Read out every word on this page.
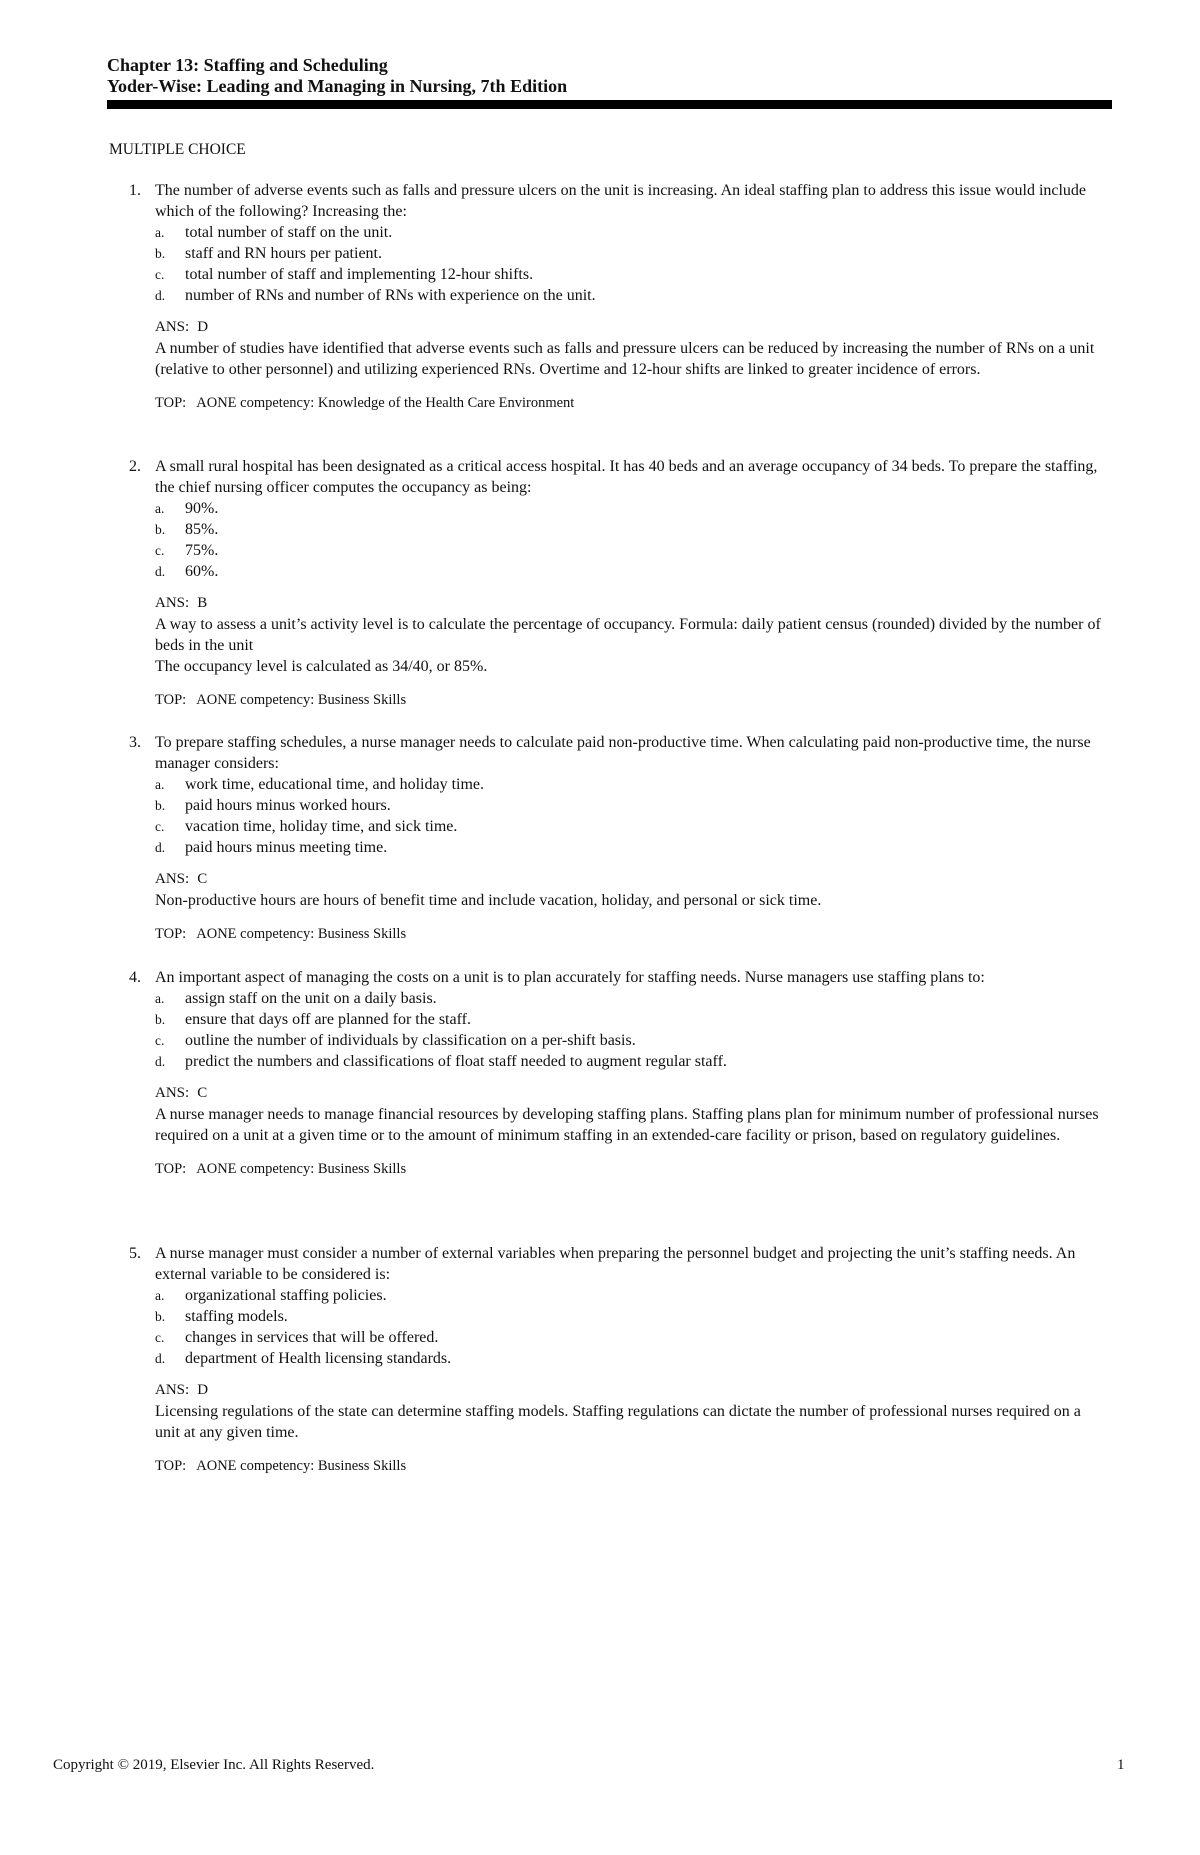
Chapter 13: Staffing and Scheduling
Yoder-Wise: Leading and Managing in Nursing, 7th Edition
MULTIPLE CHOICE
1. The number of adverse events such as falls and pressure ulcers on the unit is increasing. An ideal staffing plan to address this issue would include which of the following? Increasing the:

a. total number of staff on the unit.
b. staff and RN hours per patient.
c. total number of staff and implementing 12-hour shifts.
d. number of RNs and number of RNs with experience on the unit.
ANS: D
A number of studies have identified that adverse events such as falls and pressure ulcers can be reduced by increasing the number of RNs on a unit (relative to other personnel) and utilizing experienced RNs. Overtime and 12-hour shifts are linked to greater incidence of errors.
TOP: AONE competency: Knowledge of the Health Care Environment
2. A small rural hospital has been designated as a critical access hospital. It has 40 beds and an average occupancy of 34 beds. To prepare the staffing, the chief nursing officer computes the occupancy as being:

a. 90%.
b. 85%.
c. 75%.
d. 60%.
ANS: B
A way to assess a unit’s activity level is to calculate the percentage of occupancy. Formula: daily patient census (rounded) divided by the number of beds in the unit
The occupancy level is calculated as 34/40, or 85%.
TOP: AONE competency: Business Skills
3. To prepare staffing schedules, a nurse manager needs to calculate paid non-productive time. When calculating paid non-productive time, the nurse manager considers:

a. work time, educational time, and holiday time.
b. paid hours minus worked hours.
c. vacation time, holiday time, and sick time.
d. paid hours minus meeting time.
ANS: C
Non-productive hours are hours of benefit time and include vacation, holiday, and personal or sick time.
TOP: AONE competency: Business Skills
4. An important aspect of managing the costs on a unit is to plan accurately for staffing needs. Nurse managers use staffing plans to:

a. assign staff on the unit on a daily basis.
b. ensure that days off are planned for the staff.
c. outline the number of individuals by classification on a per-shift basis.
d. predict the numbers and classifications of float staff needed to augment regular staff.
ANS: C
A nurse manager needs to manage financial resources by developing staffing plans. Staffing plans plan for minimum number of professional nurses required on a unit at a given time or to the amount of minimum staffing in an extended-care facility or prison, based on regulatory guidelines.
TOP: AONE competency: Business Skills
5. A nurse manager must consider a number of external variables when preparing the personnel budget and projecting the unit’s staffing needs. An external variable to be considered is:

a. organizational staffing policies.
b. staffing models.
c. changes in services that will be offered.
d. department of Health licensing standards.
ANS: D
Licensing regulations of the state can determine staffing models. Staffing regulations can dictate the number of professional nurses required on a unit at any given time.
TOP: AONE competency: Business Skills
Copyright © 2019, Elsevier Inc. All Rights Reserved.	1
